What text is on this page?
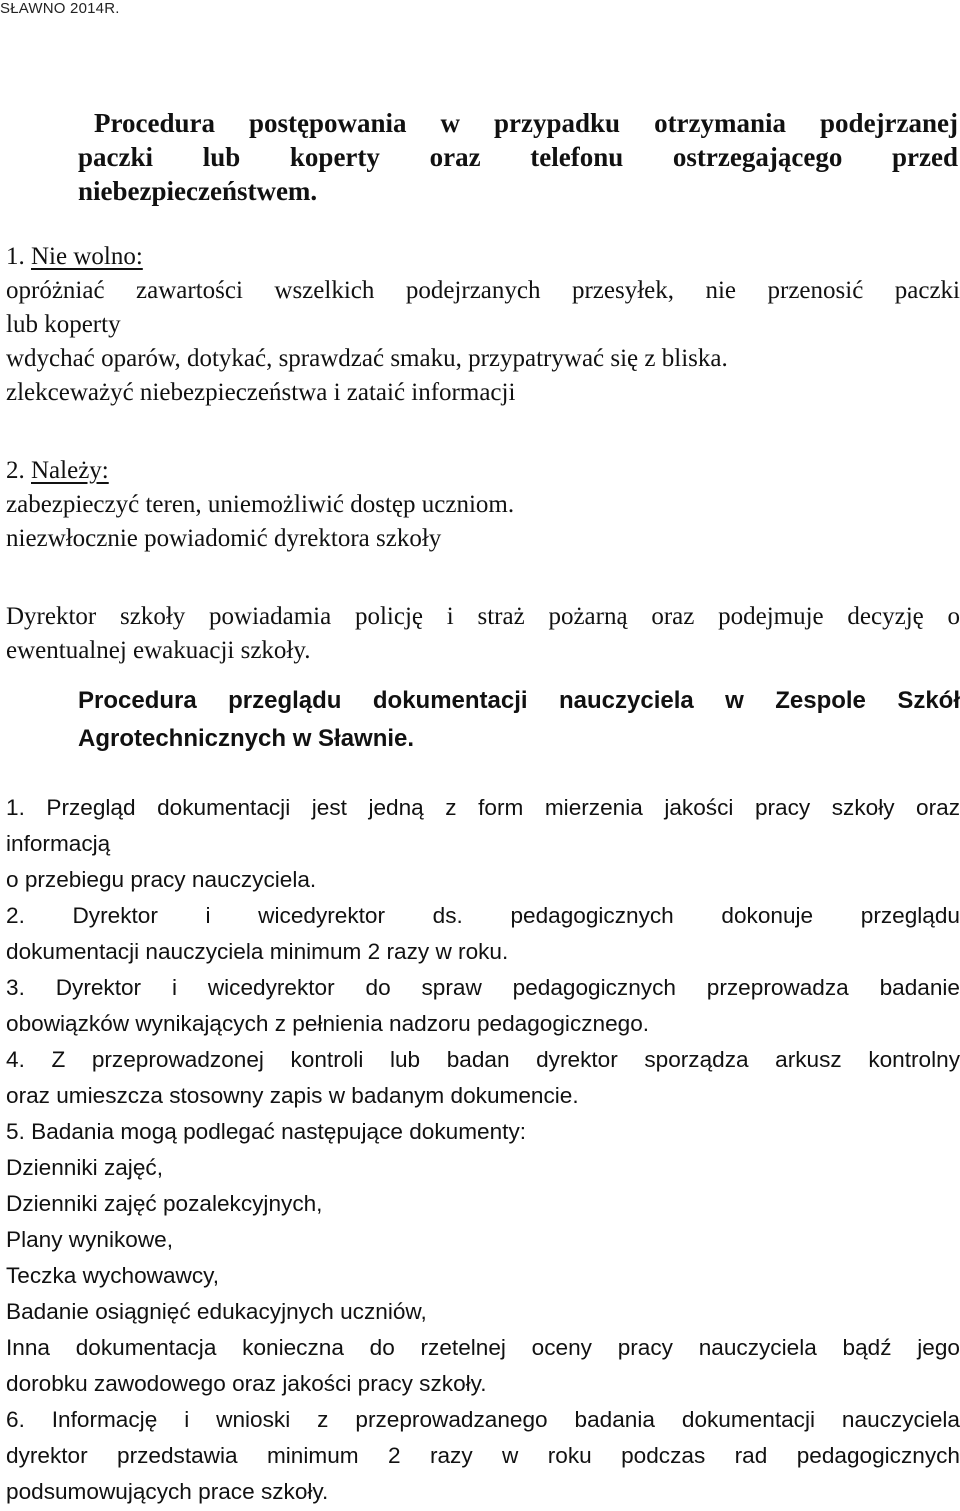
SŁAWNO 2014R.
Procedura postępowania w przypadku otrzymania podejrzanej
paczki lub koperty oraz telefonu ostrzegającego przed
niebezpieczeństwem.
1. Nie wolno:
opróżniać zawartości wszelkich podejrzanych przesyłek, nie przenosić paczki
lub koperty
wdychać oparów, dotykać, sprawdzać smaku, przypatrywać się z bliska.
zlekceważyć niebezpieczeństwa i zataić informacji
2. Należy:
zabezpieczyć teren, uniemożliwić dostęp uczniom.
niezwłocznie powiadomić dyrektora szkoły
Dyrektor szkoły powiadamia policję i straż pożarną oraz podejmuje decyzję o
ewentualnej ewakuacji szkoły.
Procedura przeglądu dokumentacji nauczyciela w Zespole Szkół
Agrotechnicznych w Sławnie.
1. Przegląd dokumentacji jest jedną z form mierzenia jakości pracy szkoły oraz
informacją
o przebiegu pracy nauczyciela.
2. Dyrektor i wicedyrektor ds. pedagogicznych dokonuje przeglądu
dokumentacji nauczyciela minimum 2 razy w roku.
3. Dyrektor i wicedyrektor do spraw pedagogicznych przeprowadza badanie
obowiązków wynikających z pełnienia nadzoru pedagogicznego.
4. Z przeprowadzonej kontroli lub badan dyrektor sporządza arkusz kontrolny
oraz umieszcza stosowny zapis w badanym dokumencie.
5. Badania mogą podlegać następujące dokumenty:
Dzienniki zajęć,
Dzienniki zajęć pozalekcyjnych,
Plany wynikowe,
Teczka wychowawcy,
Badanie osiągnięć edukacyjnych uczniów,
Inna dokumentacja konieczna do rzetelnej oceny pracy nauczyciela bądź jego
dorobku zawodowego oraz jakości pracy szkoły.
6. Informację i wnioski z przeprowadzanego badania dokumentacji nauczyciela
dyrektor przedstawia minimum 2 razy w roku podczas rad pedagogicznych
podsumowujących prace szkoły.
